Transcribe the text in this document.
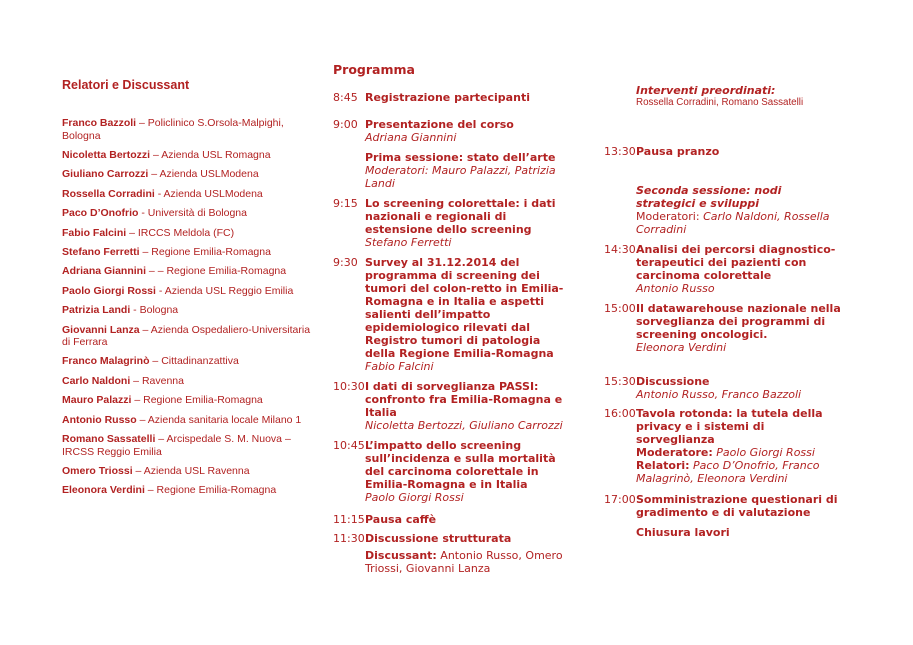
Relatori e Discussant
Franco Bazzoli – Policlinico S.Orsola-Malpighi, Bologna
Nicoletta Bertozzi – Azienda USL Romagna
Giuliano Carrozzi – Azienda USLModena
Rossella Corradini - Azienda USLModena
Paco D’Onofrio - Università di Bologna
Fabio Falcini – IRCCS Meldola (FC)
Stefano Ferretti – Regione Emilia-Romagna
Adriana Giannini – – Regione Emilia-Romagna
Paolo Giorgi Rossi - Azienda USL Reggio Emilia
Patrizia Landi - Bologna
Giovanni Lanza – Azienda Ospedaliero-Universitaria di Ferrara
Franco Malagrinò – Cittadinanzattiva
Carlo Naldoni – Ravenna
Mauro Palazzi – Regione Emilia-Romagna
Antonio Russo – Azienda sanitaria locale Milano 1
Romano Sassatelli – Arcispedale S. M. Nuova – IRCSS Reggio Emilia
Omero Triossi – Azienda USL Ravenna
Eleonora Verdini – Regione Emilia-Romagna
Programma
8:45 Registrazione partecipanti
9:00 Presentazione del corso
Adriana Giannini
Prima sessione: stato dell’arte
Moderatori: Mauro Palazzi, Patrizia Landi
9:15 Lo screening colorettale: i dati nazionali e regionali di estensione dello screening
Stefano Ferretti
9:30 Survey al 31.12.2014 del programma di screening dei tumori del colon-retto in Emilia-Romagna e in Italia e aspetti salienti dell’impatto epidemiologico rilevati dal Registro tumori di patologia della Regione Emilia-Romagna
Fabio Falcini
10:30 I dati di sorveglianza PASSI: confronto fra Emilia-Romagna e Italia
Nicoletta Bertozzi, Giuliano Carrozzi
10:45 L’impatto dello screening sull’incidenza e sulla mortalità del carcinoma colorettale in Emilia-Romagna e in Italia
Paolo Giorgi Rossi
11:15 Pausa caffè
11:30 Discussione strutturata
Discussant: Antonio Russo, Omero Triossi, Giovanni Lanza
Interventi preordinati:
Rossella Corradini, Romano Sassatelli
13:30 Pausa pranzo
Seconda sessione: nodi strategici e sviluppi
Moderatori: Carlo Naldoni, Rossella Corradini
14:30 Analisi dei percorsi diagnostico-terapeutici dei pazienti con carcinoma colorettale
Antonio Russo
15:00 Il datawarehouse nazionale nella sorveglianza dei programmi di screening oncologici.
Eleonora Verdini
15:30 Discussione
Antonio Russo, Franco Bazzoli
16:00 Tavola rotonda: la tutela della privacy e i sistemi di sorveglianza
Moderatore: Paolo Giorgi Rossi
Relatori: Paco D’Onofrio, Franco Malagrinò, Eleonora Verdini
17:00 Somministrazione questionari di gradimento e di valutazione
Chiusura lavori
